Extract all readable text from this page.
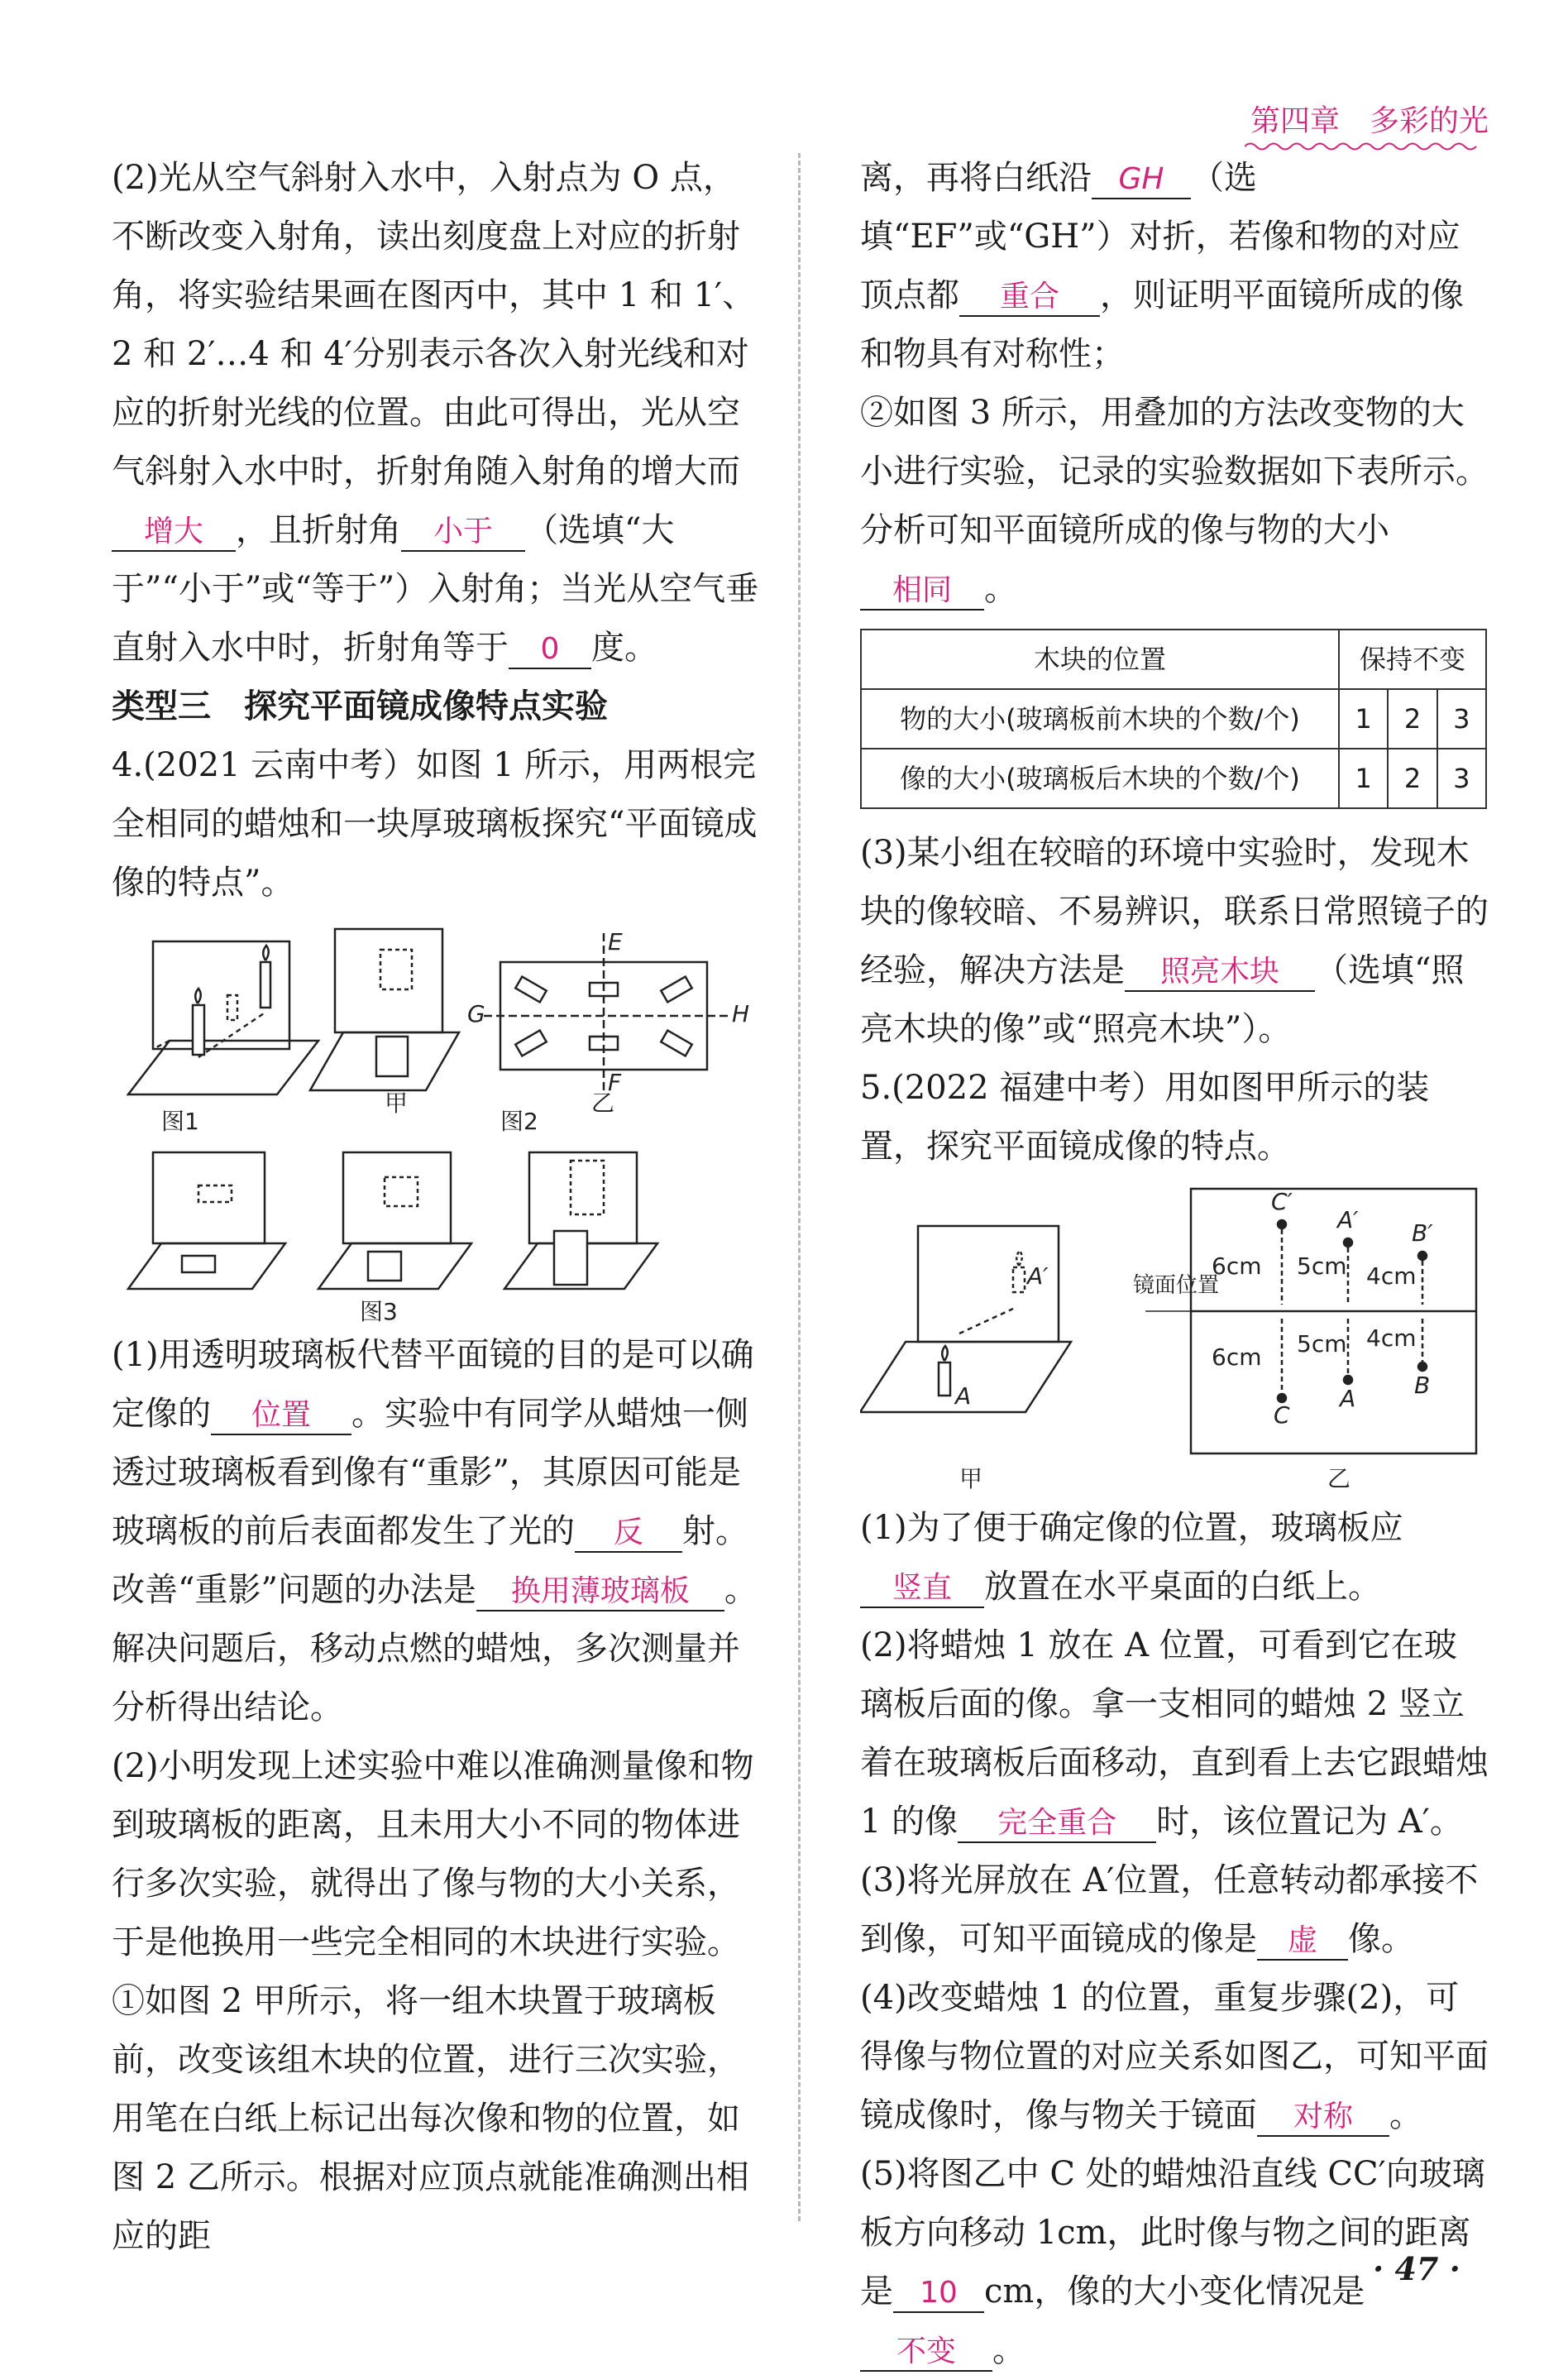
第四章　多彩的光

(2)光从空气斜射入水中，入射点为 O 点，不断改变入射角，读出刻度盘上对应的折射角，将实验结果画在图丙中，其中 1 和 1′、2 和 2′…4 和 4′分别表示各次入射光线和对应的折射光线的位置。由此可得出，光从空气斜射入水中时，折射角随入射角的增大而增大 ，且折射角 小于 （选填“大于”“小于”或“等于”）入射角；当光从空气垂直射入水中时，折射角等于 0 度。

类型三　探究平面镜成像特点实验

4.(2021 云南中考）如图 1 所示，用两根完全相同的蜡烛和一块厚玻璃板探究“平面镜成像的特点”。

甲	乙
图1	图2
E
F
G	H
图3

(1)用透明玻璃板代替平面镜的目的是可以确定像的 位置 。实验中有同学从蜡烛一侧透过玻璃板看到像有“重影”，其原因可能是玻璃板的前后表面都发生了光的 反 射。改善“重影”问题的办法是 换用薄玻璃板 。解决问题后，移动点燃的蜡烛，多次测量并分析得出结论。

(2)小明发现上述实验中难以准确测量像和物到玻璃板的距离，且未用大小不同的物体进行多次实验，就得出了像与物的大小关系，于是他换用一些完全相同的木块进行实验。

①如图 2 甲所示，将一组木块置于玻璃板前，改变该组木块的位置，进行三次实验，用笔在白纸上标记出每次像和物的位置，如图 2 乙所示。根据对应顶点就能准确测出相应的距

离，再将白纸沿 GH （选填“EF”或“GH”）对折，若像和物的对应顶点都 重合 ，则证明平面镜所成的像和物具有对称性；

②如图 3 所示，用叠加的方法改变物的大小进行实验，记录的实验数据如下表所示。分析可知平面镜所成的像与物的大小相同 。

木块的位置	保持不变		
物的大小(玻璃板前木块的个数/个)	1	2	3
像的大小(玻璃板后木块的个数/个)	1	2	3

(3)某小组在较暗的环境中实验时，发现木块的像较暗、不易辨识，联系日常照镜子的经验，解决方法是 照亮木块 （选填“照亮木块的像”或“照亮木块”）。

5.(2022 福建中考）用如图甲所示的装置，探究平面镜成像的特点。

镜面位置
C′
A′ B′
C
A	B
6cm
6cm
5cm
5cm
4cm
4cm
A
A′
甲	乙

(1)为了便于确定像的位置，玻璃板应竖直 放置在水平桌面的白纸上。

(2)将蜡烛 1 放在 A 位置，可看到它在玻璃板后面的像。拿一支相同的蜡烛 2 竖立着在玻璃板后面移动，直到看上去它跟蜡烛 1 的像 完全重合 时，该位置记为 A′。

(3)将光屏放在 A′位置，任意转动都承接不到像，可知平面镜成的像是 虚 像。

(4)改变蜡烛 1 的位置，重复步骤(2)，可得像与物位置的对应关系如图乙，可知平面镜成像时，像与物关于镜面 对称 。

(5)将图乙中 C 处的蜡烛沿直线 CC′向玻璃板方向移动 1cm，此时像与物之间的距离是 10 cm，像的大小变化情况是不变 。

· 47 ·
